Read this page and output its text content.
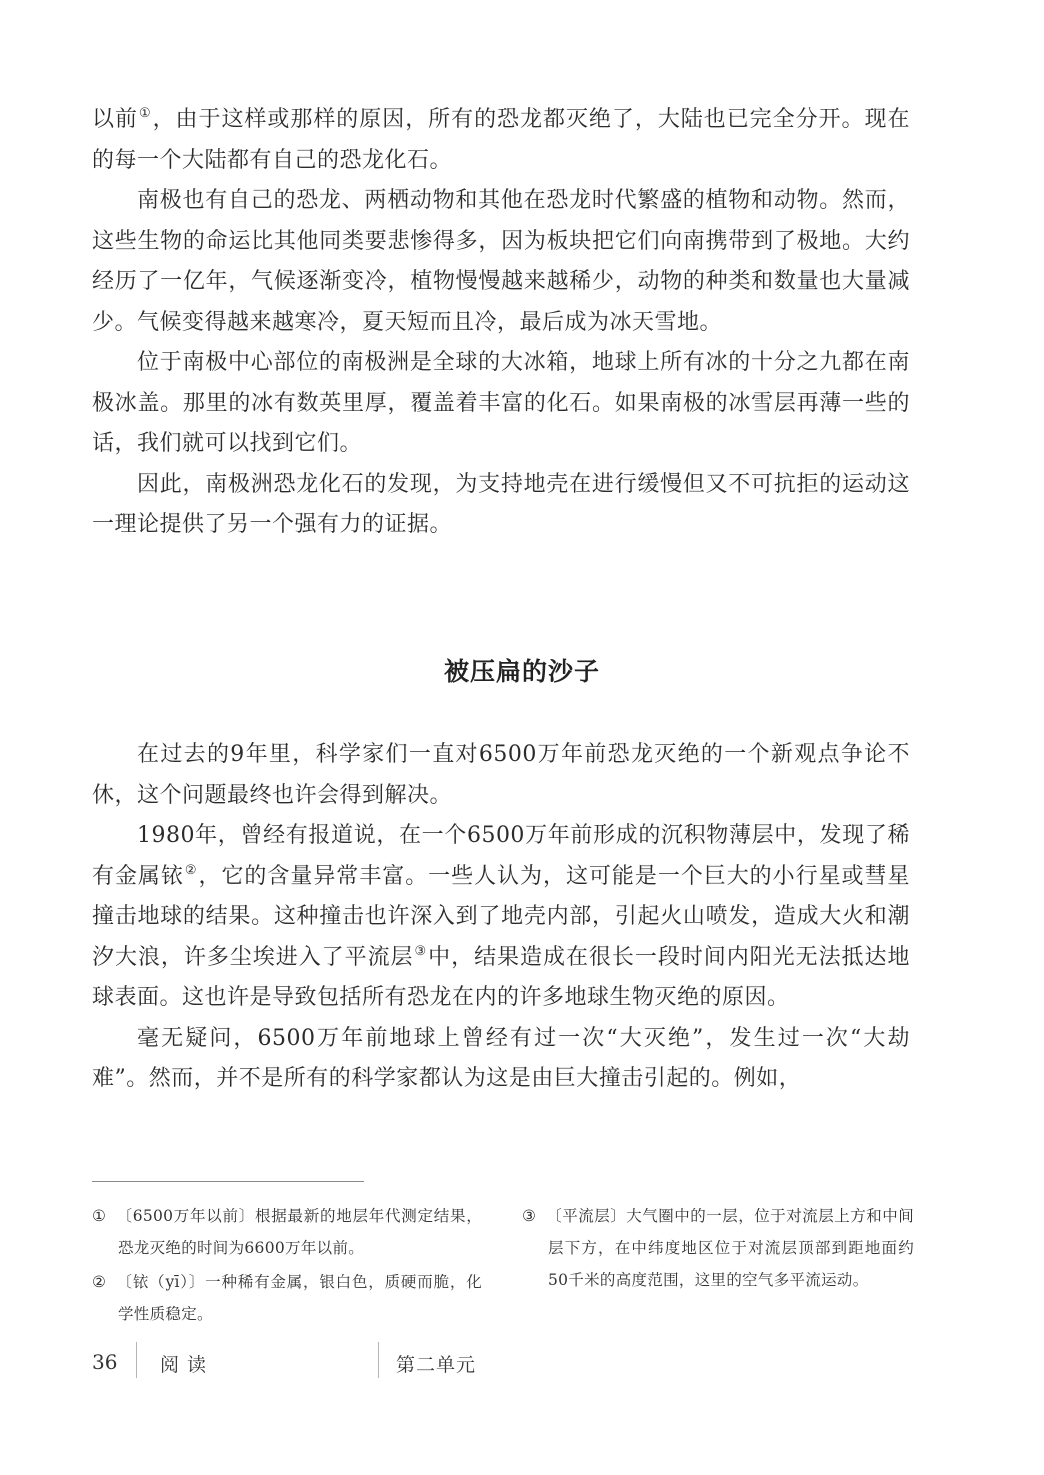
以前①，由于这样或那样的原因，所有的恐龙都灭绝了，大陆也已完全分开。现在的每一个大陆都有自己的恐龙化石。

南极也有自己的恐龙、两栖动物和其他在恐龙时代繁盛的植物和动物。然而，这些生物的命运比其他同类要悲惨得多，因为板块把它们向南携带到了极地。大约经历了一亿年，气候逐渐变冷，植物慢慢越来越稀少，动物的种类和数量也大量减少。气候变得越来越寒冷，夏天短而且冷，最后成为冰天雪地。

位于南极中心部位的南极洲是全球的大冰箱，地球上所有冰的十分之九都在南极冰盖。那里的冰有数英里厚，覆盖着丰富的化石。如果南极的冰雪层再薄一些的话，我们就可以找到它们。

因此，南极洲恐龙化石的发现，为支持地壳在进行缓慢但又不可抗拒的运动这一理论提供了另一个强有力的证据。

被压扁的沙子

在过去的9年里，科学家们一直对6500万年前恐龙灭绝的一个新观点争论不休，这个问题最终也许会得到解决。

1980年，曾经有报道说，在一个6500万年前形成的沉积物薄层中，发现了稀有金属铱②，它的含量异常丰富。一些人认为，这可能是一个巨大的小行星或彗星撞击地球的结果。这种撞击也许深入到了地壳内部，引起火山喷发，造成大火和潮汐大浪，许多尘埃进入了平流层③中，结果造成在很长一段时间内阳光无法抵达地球表面。这也许是导致包括所有恐龙在内的许多地球生物灭绝的原因。

毫无疑问，6500万年前地球上曾经有过一次“大灭绝”，发生过一次“大劫难”。然而，并不是所有的科学家都认为这是由巨大撞击引起的。例如，

① 〔6500万年以前〕根据最新的地层年代测定结果，恐龙灭绝的时间为6600万年以前。
② 〔铱（yī）〕一种稀有金属，银白色，质硬而脆，化学性质稳定。
③ 〔平流层〕大气圈中的一层，位于对流层上方和中间层下方，在中纬度地区位于对流层顶部到距地面约50千米的高度范围，这里的空气多平流运动。
36 阅读	第二单元
